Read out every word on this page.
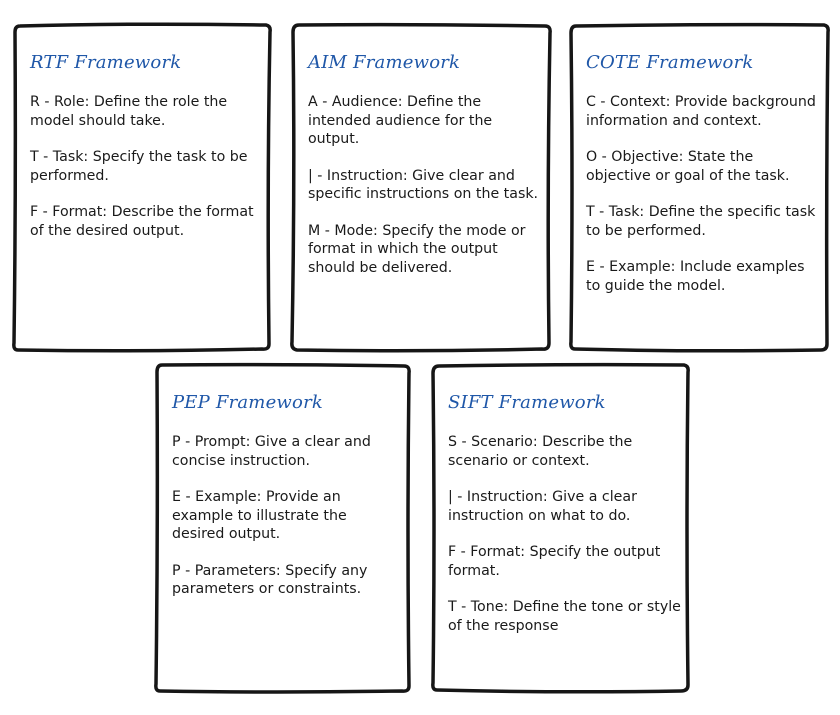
RTF Framework
R - Role: Define the role the model should take.
T - Task: Specify the task to be performed.
F - Format: Describe the format of the desired output.
AIM Framework
A - Audience: Define the intended audience for the output.
| - Instruction: Give clear and specific instructions on the task.
M - Mode: Specify the mode or format in which the output should be delivered.
COTE Framework
C - Context: Provide background information and context.
O - Objective: State the objective or goal of the task.
T - Task: Define the specific task to be performed.
E - Example: Include examples to guide the model.
PEP Framework
P - Prompt: Give a clear and concise instruction.
E - Example: Provide an example to illustrate the desired output.
P - Parameters: Specify any parameters or constraints.
SIFT Framework
S - Scenario: Describe the scenario or context.
| - Instruction: Give a clear instruction on what to do.
F - Format: Specify the output format.
T - Tone: Define the tone or style of the response
